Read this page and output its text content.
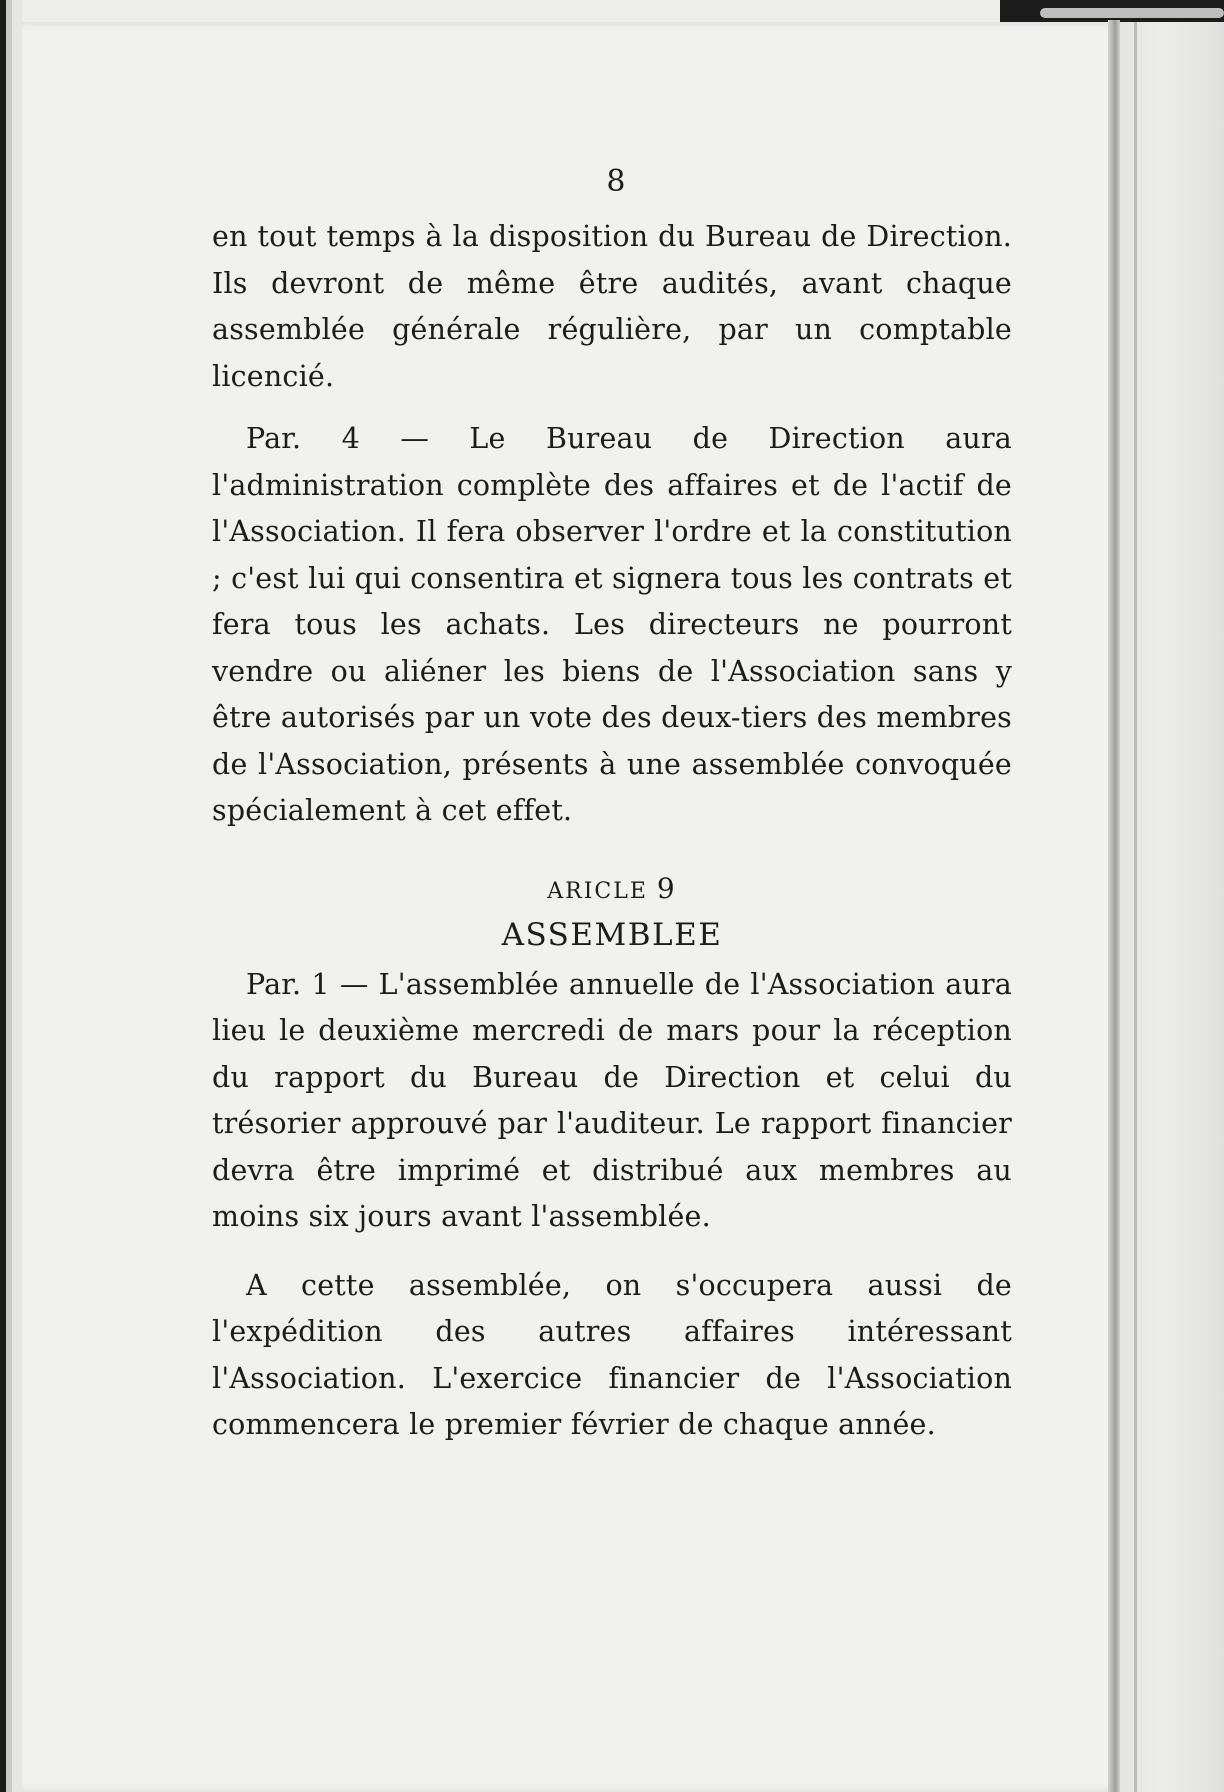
8

en tout temps à la disposition du Bureau de Direction. Ils devront de même être audités, avant chaque assemblée générale régulière, par un comptable licencié.

Par. 4 — Le Bureau de Direction aura l'administration complète des affaires et de l'actif de l'Association. Il fera observer l'ordre et la constitution ; c'est lui qui consentira et signera tous les contrats et fera tous les achats. Les directeurs ne pourront vendre ou aliéner les biens de l'Association sans y être autorisés par un vote des deux-tiers des membres de l'Association, présents à une assemblée convoquée spécialement à cet effet.

ARICLE 9
ASSEMBLEE

Par. 1 — L'assemblée annuelle de l'Association aura lieu le deuxième mercredi de mars pour la réception du rapport du Bureau de Direction et celui du trésorier approuvé par l'auditeur. Le rapport financier devra être imprimé et distribué aux membres au moins six jours avant l'assemblée.

A cette assemblée, on s'occupera aussi de l'expédition des autres affaires intéressant l'Association. L'exercice financier de l'Association commencera le premier février de chaque année.
